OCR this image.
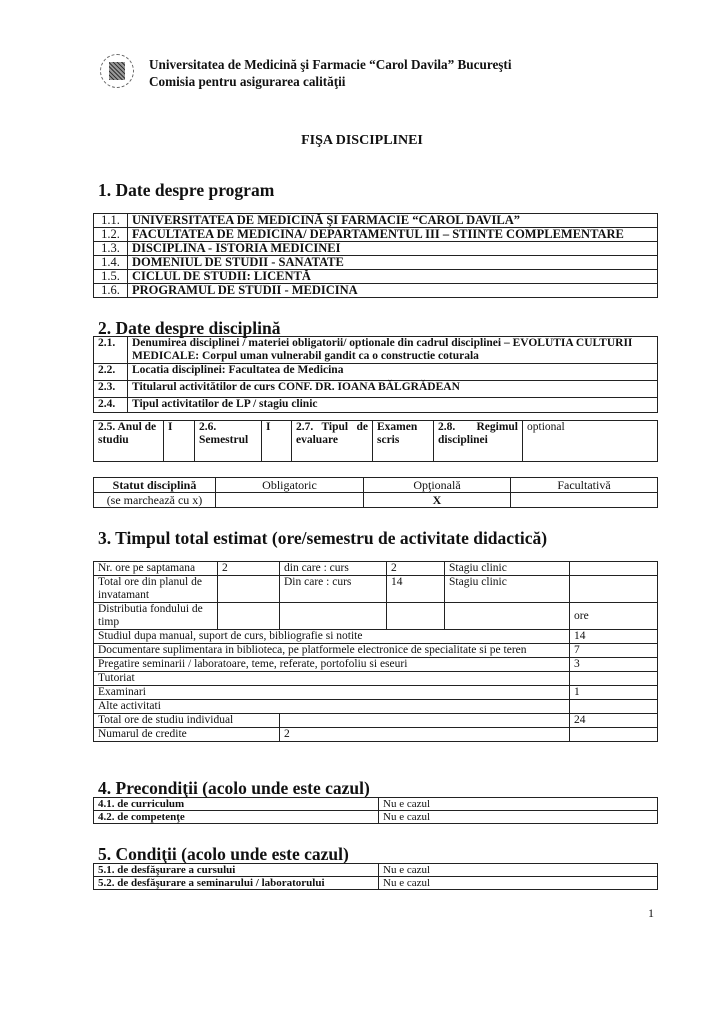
Universitatea de Medicină şi Farmacie “Carol Davila” Bucureşti
Comisia pentru asigurarea calităţii
FIŞA DISCIPLINEI
1. Date despre program
1.1.	UNIVERSITATEA DE MEDICINĂ ŞI FARMACIE “CAROL DAVILA”
1.2.	FACULTATEA DE MEDICINA/ DEPARTAMENTUL III – STIINTE COMPLEMENTARE
1.3.	DISCIPLINA - ISTORIA MEDICINEI
1.4.	DOMENIUL DE STUDII - SANATATE
1.5.	CICLUL DE STUDII: LICENTĂ
1.6.	PROGRAMUL DE STUDII - MEDICINA
2. Date despre disciplină
2.1.	Denumirea disciplinei / materiei obligatorii/ optionale din cadrul disciplinei – EVOLUTIA CULTURII MEDICALE: Corpul uman vulnerabil gandit ca o constructie coturala
2.2.	Locatia disciplinei: Facultatea de Medicina
2.3.	Titularul activitătilor de curs CONF. DR. IOANA BĂLGRĂDEAN
2.4.	Tipul activitatilor de LP / stagiu clinic
2.5. Anul de studiu	I	2.6. Semestrul	I	2.7. Tipul de evaluare	Examen scris	2.8. Regimul disciplinei	optional
Statut disciplină	Obligatoric	Opţională	Facultativă
(se marchează cu x)		X	
3. Timpul total estimat (ore/semestru de activitate didactică)
Nr. ore pe saptamana	2	din care : curs	2	Stagiu clinic	
Total ore din planul de invatamant		Din care : curs	14	Stagiu clinic	
Distributia fondului de timp					ore
Studiul dupa manual, suport de curs, bibliografie si notite					14
Documentare suplimentara in biblioteca, pe platformele electronice de specialitate si pe teren					7
Pregatire seminarii / laboratoare, teme, referate, portofoliu si eseuri					3
Tutoriat					
Examinari					1
Alte activitati					
Total ore de studiu individual					24
Numarul de credite		2			
4. Precondiţii (acolo unde este cazul)
4.1. de curriculum	Nu e cazul
4.2. de competenţe	Nu e cazul
5. Condiţii (acolo unde este cazul)
5.1. de desfăşurare a cursului	Nu e cazul
5.2. de desfăşurare a seminarului / laboratorului	Nu e cazul
1
